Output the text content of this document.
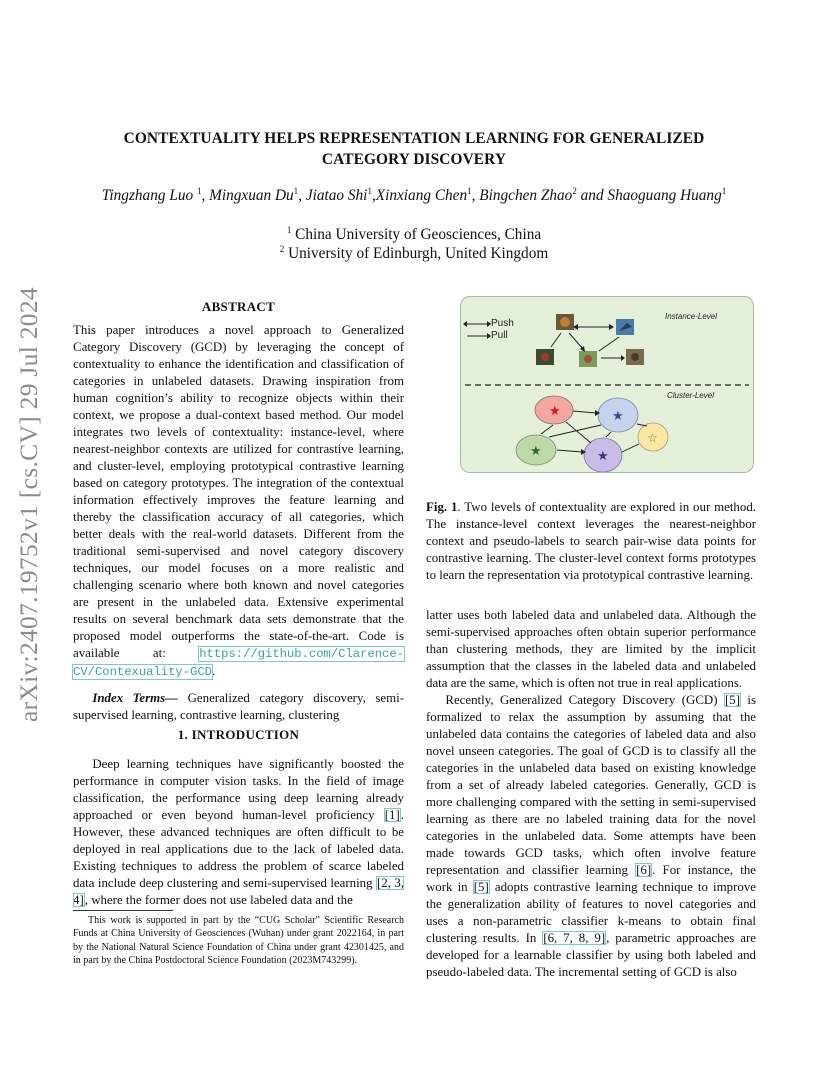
arXiv:2407.19752v1 [cs.CV] 29 Jul 2024
CONTEXTUALITY HELPS REPRESENTATION LEARNING FOR GENERALIZED
CATEGORY DISCOVERY
Tingzhang Luo $^1$, Mingxuan Du$^1$, Jiatao Shi$^1$,Xinxiang Chen$^1$, Bingchen Zhao$^2$ and Shaoguang Huang$^1$
$^1$ China University of Geosciences, China
$^2$ University of Edinburgh, United Kingdom
ABSTRACT

This paper introduces a novel approach to Generalized Category Discovery (GCD) by leveraging the concept of contextuality to enhance the identification and classification of categories in unlabeled datasets. Drawing inspiration from human cognition’s ability to recognize objects within their context, we propose a dual-context based method. Our model integrates two levels of contextuality: instance-level, where nearest-neighbor contexts are utilized for contrastive learning, and cluster-level, employing prototypical contrastive learning based on category prototypes. The integration of the contextual information effectively improves the feature learning and thereby the classification accuracy of all categories, which better deals with the real-world datasets. Different from the traditional semi-supervised and novel category discovery techniques, our model focuses on a more realistic and challenging scenario where both known and novel categories are present in the unlabeled data. Extensive experimental results on several benchmark data sets demonstrate that the proposed model outperforms the state-of-the-art. Code is available at: https://github.com/Clarence-CV/Contexuality-GCD.

Index Terms— Generalized category discovery, semi-supervised learning, contrastive learning, clustering

1. INTRODUCTION
Deep learning techniques have significantly boosted the performance in computer vision tasks. In the field of image classification, the performance using deep learning already approached or even beyond human-level proficiency [1]. However, these advanced techniques are often difficult to be deployed in real applications due to the lack of labeled data. Existing techniques to address the problem of scarce labeled data include deep clustering and semi-supervised learning [2, 3, 4], where the former does not use labeled data and the
This work is supported in part by the “CUG Scholar” Scientific Research Funds at China University of Geosciences (Wuhan) under grant 2022164, in part by the National Natural Science Foundation of China under grant 42301425, and in part by the China Postdoctoral Science Foundation (2023M743299).
★	★
★	★
☆
Push
Pull
Instance-Level
Cluster-Level
Fig. 1. Two levels of contextuality are explored in our method. The instance-level context leverages the nearest-neighbor context and pseudo-labels to search pair-wise data points for contrastive learning. The cluster-level context forms prototypes to learn the representation via prototypical contrastive learning.

latter uses both labeled data and unlabeled data. Although the semi-supervised approaches often obtain superior performance than clustering methods, they are limited by the implicit assumption that the classes in the labeled data and unlabeled data are the same, which is often not true in real applications.

Recently, Generalized Category Discovery (GCD) [5] is formalized to relax the assumption by assuming that the unlabeled data contains the categories of labeled data and also novel unseen categories. The goal of GCD is to classify all the categories in the unlabeled data based on existing knowledge from a set of already labeled categories. Generally, GCD is more challenging compared with the setting in semi-supervised learning as there are no labeled training data for the novel categories in the unlabeled data. Some attempts have been made towards GCD tasks, which often involve feature representation and classifier learning [6]. For instance, the work in [5] adopts contrastive learning technique to improve the generalization ability of features to novel categories and uses a non-parametric classifier k-means to obtain final clustering results. In [6, 7, 8, 9], parametric approaches are developed for a learnable classifier by using both labeled and pseudo-labeled data. The incremental setting of GCD is also
